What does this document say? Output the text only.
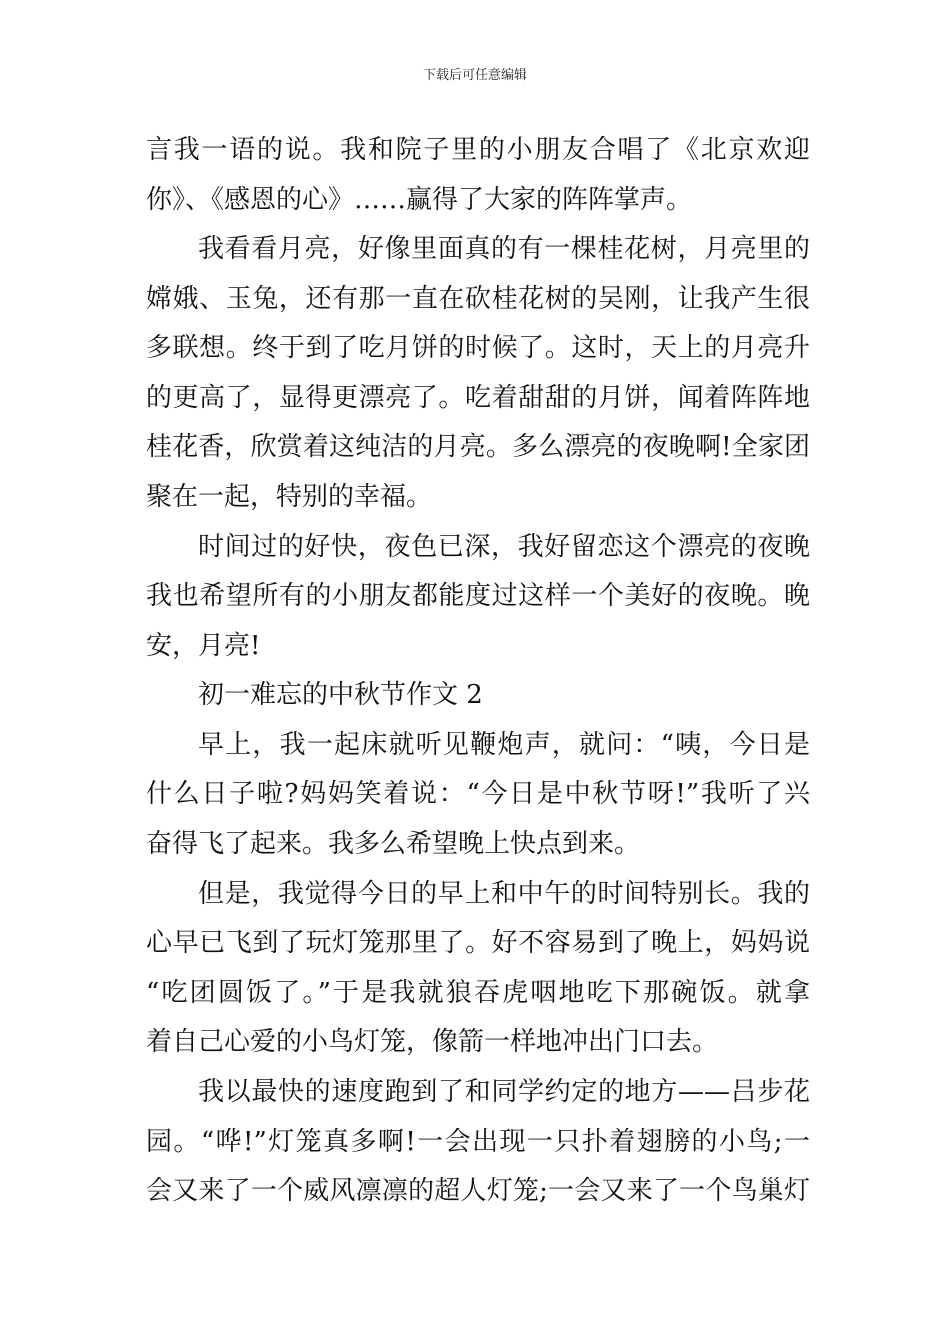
下载后可任意编辑
言我一语的说。我和院子里的小朋友合唱了《北京欢迎
你》、《感恩的心》……赢得了大家的阵阵掌声。
我看看月亮，好像里面真的有一棵桂花树，月亮里的
嫦娥、玉兔，还有那一直在砍桂花树的吴刚，让我产生很
多联想。终于到了吃月饼的时候了。这时，天上的月亮升
的更高了，显得更漂亮了。吃着甜甜的月饼，闻着阵阵地
桂花香，欣赏着这纯洁的月亮。多么漂亮的夜晚啊!全家团
聚在一起，特别的幸福。
时间过的好快，夜色已深，我好留恋这个漂亮的夜晚
我也希望所有的小朋友都能度过这样一个美好的夜晚。晚
安，月亮!
初一难忘的中秋节作文 2
早上，我一起床就听见鞭炮声，就问：“咦，今日是
什么日子啦?妈妈笑着说：“今日是中秋节呀!”我听了兴
奋得飞了起来。我多么希望晚上快点到来。
但是，我觉得今日的早上和中午的时间特别长。我的
心早已飞到了玩灯笼那里了。好不容易到了晚上，妈妈说
“吃团圆饭了。”于是我就狼吞虎咽地吃下那碗饭。就拿
着自己心爱的小鸟灯笼，像箭一样地冲出门口去。
我以最快的速度跑到了和同学约定的地方——吕步花
园。“哗!”灯笼真多啊!一会出现一只扑着翅膀的小鸟;一
会又来了一个威风凛凛的超人灯笼;一会又来了一个鸟巢灯
